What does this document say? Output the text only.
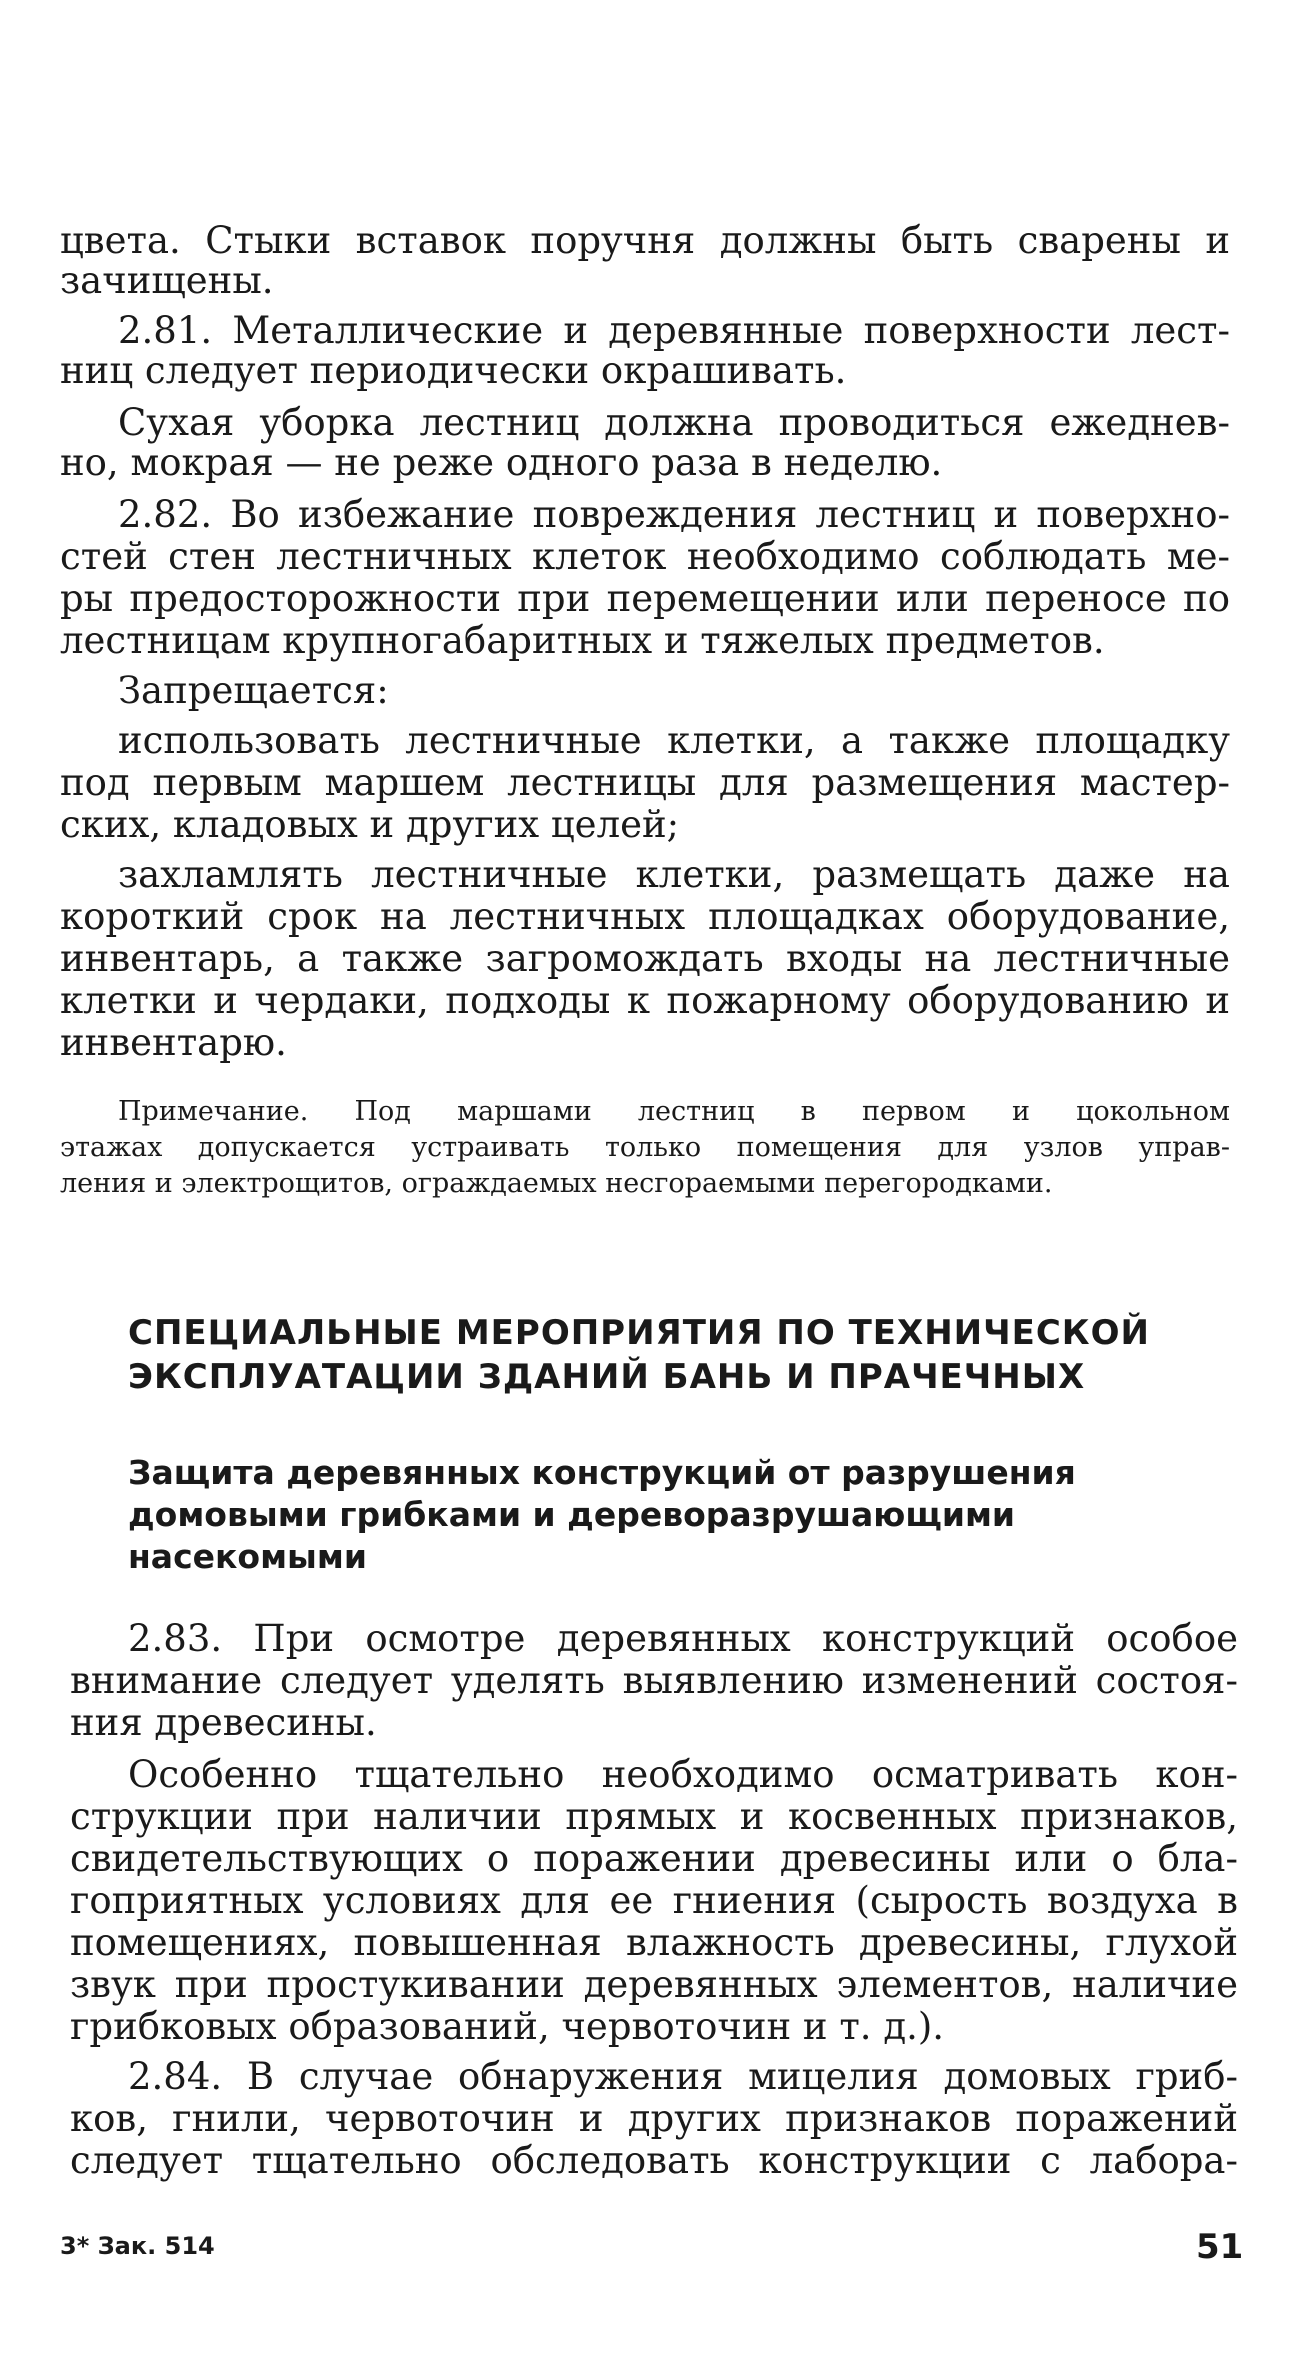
цвета. Стыки вставок поручня должны быть сварены и
зачищены.
2.81. Металлические и деревянные поверхности лест-
ниц следует периодически окрашивать.
Сухая уборка лестниц должна проводиться ежеднев-
но, мокрая — не реже одного раза в неделю.
2.82. Во избежание повреждения лестниц и поверхно-
стей стен лестничных клеток необходимо соблюдать ме-
ры предосторожности при перемещении или переносе по
лестницам крупногабаритных и тяжелых предметов.
Запрещается:
использовать лестничные клетки, а также площадку
под первым маршем лестницы для размещения мастер-
ских, кладовых и других целей;
захламлять лестничные клетки, размещать даже на
короткий срок на лестничных площадках оборудование,
инвентарь, а также загромождать входы на лестничные
клетки и чердаки, подходы к пожарному оборудованию и
инвентарю.
Примечание. Под маршами лестниц в первом и цокольном
этажах допускается устраивать только помещения для узлов управ-
ления и электрощитов, ограждаемых несгораемыми перегородками.
СПЕЦИАЛЬНЫЕ МЕРОПРИЯТИЯ ПО ТЕХНИЧЕСКОЙ
ЭКСПЛУАТАЦИИ ЗДАНИЙ БАНЬ И ПРАЧЕЧНЫХ
Защита деревянных конструкций от разрушения
домовыми грибками и дереворазрушающими
насекомыми
2.83. При осмотре деревянных конструкций особое
внимание следует уделять выявлению изменений состоя-
ния древесины.
Особенно тщательно необходимо осматривать кон-
струкции при наличии прямых и косвенных признаков,
свидетельствующих о поражении древесины или о бла-
гоприятных условиях для ее гниения (сырость воздуха в
помещениях, повышенная влажность древесины, глухой
звук при простукивании деревянных элементов, наличие
грибковых образований, червоточин и т. д.).
2.84. В случае обнаружения мицелия домовых гриб-
ков, гнили, червоточин и других признаков поражений
следует тщательно обследовать конструкции с лабора-
3* Зак. 514	51
